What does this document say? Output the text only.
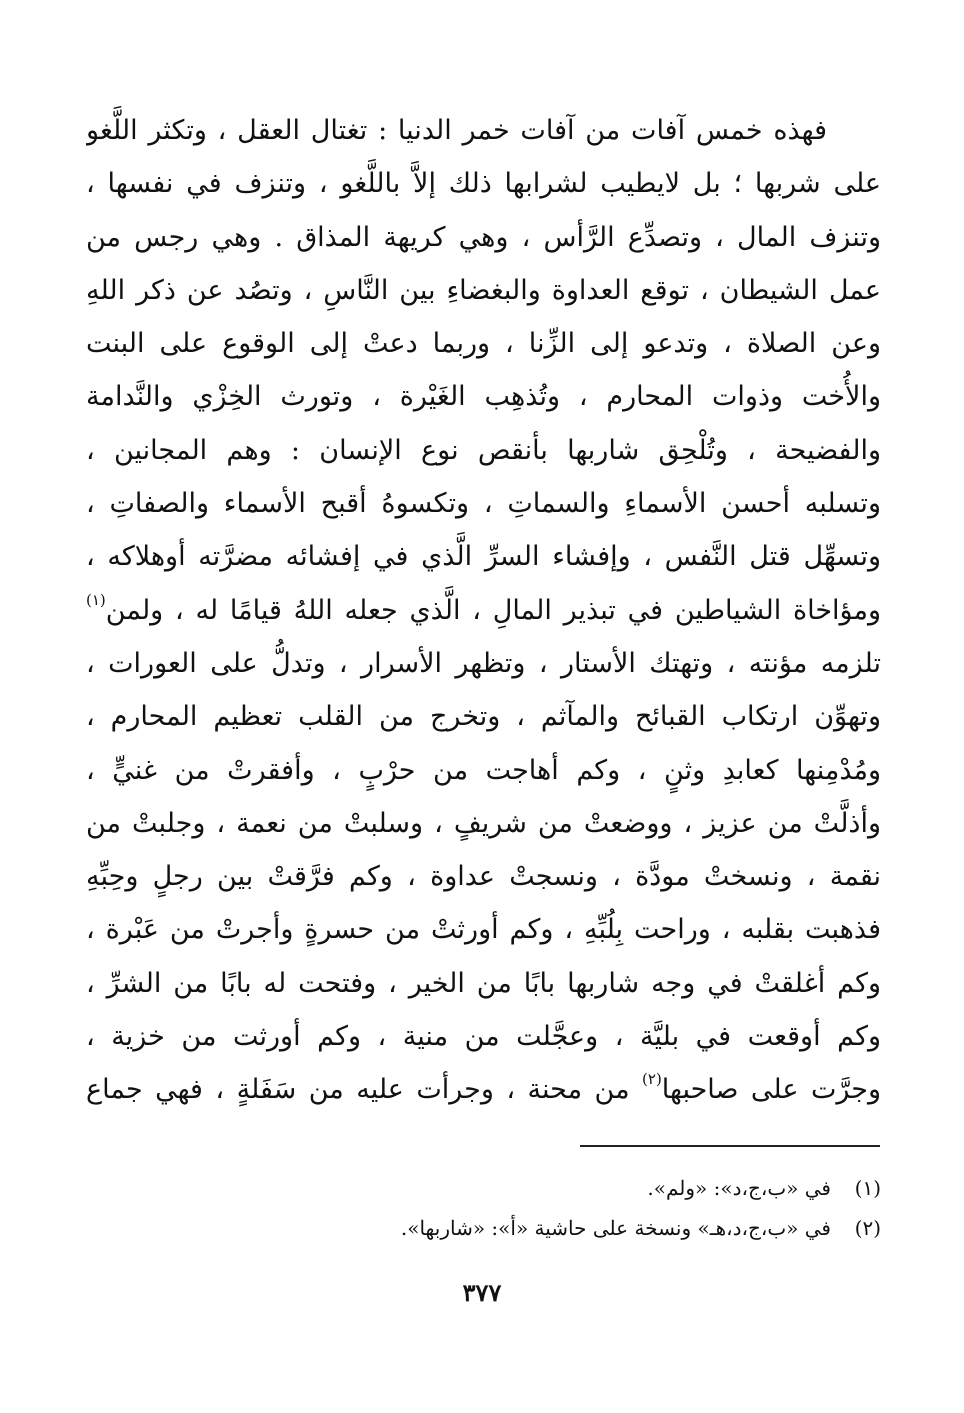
فهذه خمس آفات من آفات خمر الدنيا : تغتال العقل ، وتكثر اللَّغو
على شربها ؛ بل لايطيب لشرابها ذلك إلاَّ باللَّغو ، وتنزف في نفسها ،
وتنزف المال ، وتصدِّع الرَّأس ، وهي كريهة المذاق . وهي رجس من
عمل الشيطان ، توقع العداوة والبغضاءِ بين النَّاسِ ، وتصُد عن ذكر اللهِ
وعن الصلاة ، وتدعو إلى الزِّنا ، وربما دعتْ إلى الوقوع على البنت
والأُخت وذوات المحارم ، وتُذهِب الغَيْرة ، وتورث الخِزْي والنَّدامة
والفضيحة ، وتُلْحِق شاربها بأنقص نوع الإنسان : وهم المجانين ،
وتسلبه أحسن الأسماءِ والسماتِ ، وتكسوهُ أقبح الأسماء والصفاتِ ،
وتسهِّل قتل النَّفس ، وإفشاء السرِّ الَّذي في إفشائه مضرَّته أوهلاكه ،
ومؤاخاة الشياطين في تبذير المالِ ، الَّذي جعله اللهُ قيامًا له ، ولمن$^{(١)}$
تلزمه مؤنته ، وتهتك الأستار ، وتظهر الأسرار ، وتدلُّ على العورات ،
وتهوِّن ارتكاب القبائح والمآثم ، وتخرج من القلب تعظيم المحارم ،
ومُدْمِنها كعابدِ وثنٍ ، وكم أهاجت من حرْبٍ ، وأفقرتْ من غنيٍّ ،
وأذلَّتْ من عزيز ، ووضعتْ من شريفٍ ، وسلبتْ من نعمة ، وجلبتْ من
نقمة ، ونسختْ مودَّة ، ونسجتْ عداوة ، وكم فرَّقتْ بين رجلٍ وحِبِّهِ
فذهبت بقلبه ، وراحت بِلُبِّهِ ، وكم أورثتْ من حسرةٍ وأجرتْ من عَبْرة ،
وكم أغلقتْ في وجه شاربها بابًا من الخير ، وفتحت له بابًا من الشرِّ ،
وكم أوقعت في بليَّة ، وعجَّلت من منية ، وكم أورثت من خزية ،
وجرَّت على صاحبها$^{(٢)}$ من محنة ، وجرأت عليه من سَفَلةٍ ، فهي جماع
(١)في «ب،ج،د»: «ولم».
(٢)في «ب،ج،د،هـ» ونسخة على حاشية «أ»: «شاربها».
٣٧٧
